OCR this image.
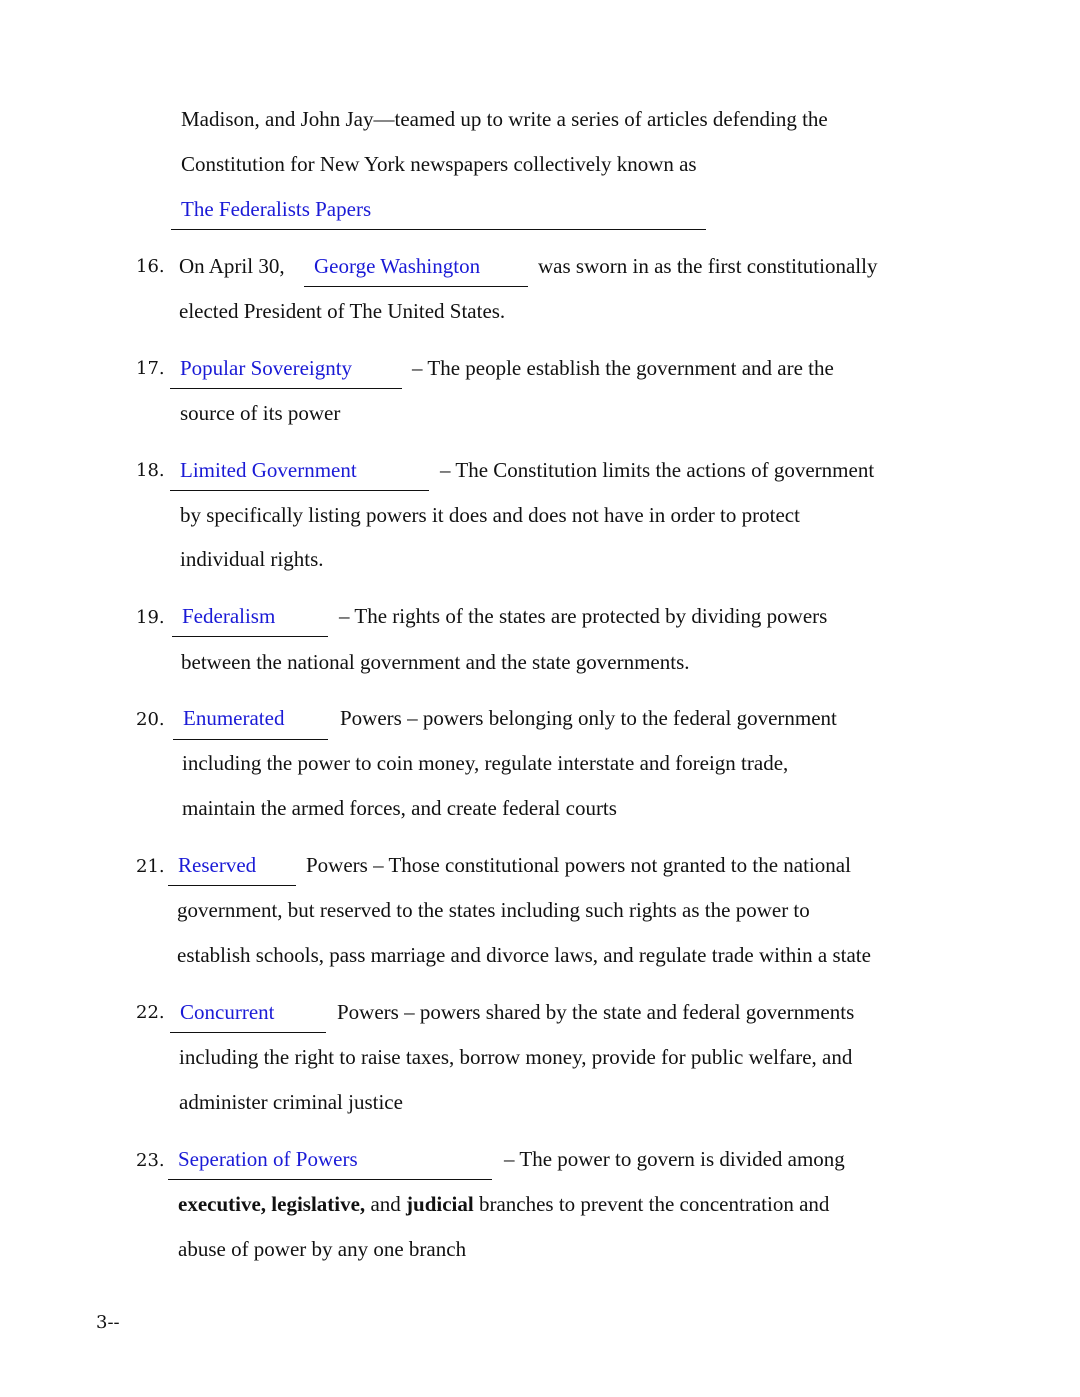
Madison, and John Jay—teamed up to write a series of articles defending the
Constitution for New York newspapers collectively known as
The Federalists Papers
16. On April 30, George Washington	was sworn in as the first constitutionally
elected President of The United States.
17. Popular Sovereignty	– The people establish the government and are the
source of its power
18. Limited Government	– The Constitution limits the actions of government
by specifically listing powers it does and does not have in order to protect
individual rights.
19. Federalism	– The rights of the states are protected by dividing powers
between the national government and the state governments.
20. Enumerated	Powers – powers belonging only to the federal government
including the power to coin money, regulate interstate and foreign trade,
maintain the armed forces, and create federal courts
21. Reserved Powers – Those constitutional powers not granted to the national
government, but reserved to the states including such rights as the power to
establish schools, pass marriage and divorce laws, and regulate trade within a state
22. Concurrent	Powers – powers shared by the state and federal governments
including the right to raise taxes, borrow money, provide for public welfare, and
administer criminal justice
23. Seperation of Powers	– The power to govern is divided among
executive, legislative, and judicial branches to prevent the concentration and
abuse of power by any one branch
3--
